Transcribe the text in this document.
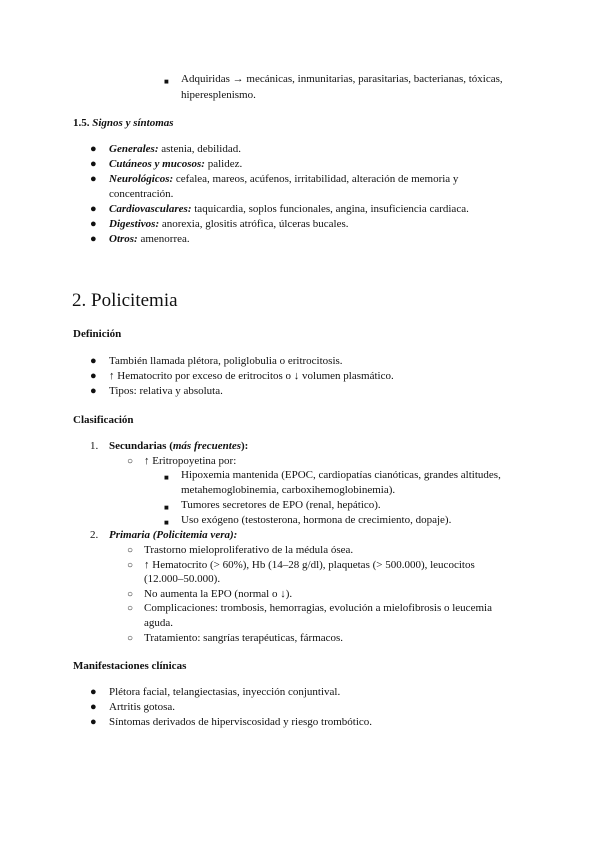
■ Adquiridas → mecánicas, inmunitarias, parasitarias, bacterianas, tóxicas,
hiperesplenismo.
1.5. Signos y síntomas
● Generales: astenia, debilidad.
● Cutáneos y mucosos: palidez.
● Neurológicos: cefalea, mareos, acúfenos, irritabilidad, alteración de memoria y
concentración.
● Cardiovasculares: taquicardia, soplos funcionales, angina, insuficiencia cardiaca.
● Digestivos: anorexia, glositis atrófica, úlceras bucales.
● Otros: amenorrea.
2. Policitemia
Definición
● También llamada plétora, poliglobulia o eritrocitosis.
● ↑ Hematocrito por exceso de eritrocitos o ↓ volumen plasmático.
● Tipos: relativa y absoluta.
Clasificación
1. Secundarias (más frecuentes):
○ ↑ Eritropoyetina por:
■ Hipoxemia mantenida (EPOC, cardiopatías cianóticas, grandes altitudes,
metahemoglobinemia, carboxihemoglobinemia).
■ Tumores secretores de EPO (renal, hepático).
■ Uso exógeno (testosterona, hormona de crecimiento, dopaje).
2. Primaria (Policitemia vera):
○ Trastorno mieloproliferativo de la médula ósea.
○ ↑ Hematocrito (> 60%), Hb (14–28 g/dl), plaquetas (> 500.000), leucocitos
(12.000–50.000).
○ No aumenta la EPO (normal o ↓).
○ Complicaciones: trombosis, hemorragias, evolución a mielofibrosis o leucemia
aguda.
○ Tratamiento: sangrías terapéuticas, fármacos.
Manifestaciones clínicas
● Plétora facial, telangiectasias, inyección conjuntival.
● Artritis gotosa.
● Síntomas derivados de hiperviscosidad y riesgo trombótico.
